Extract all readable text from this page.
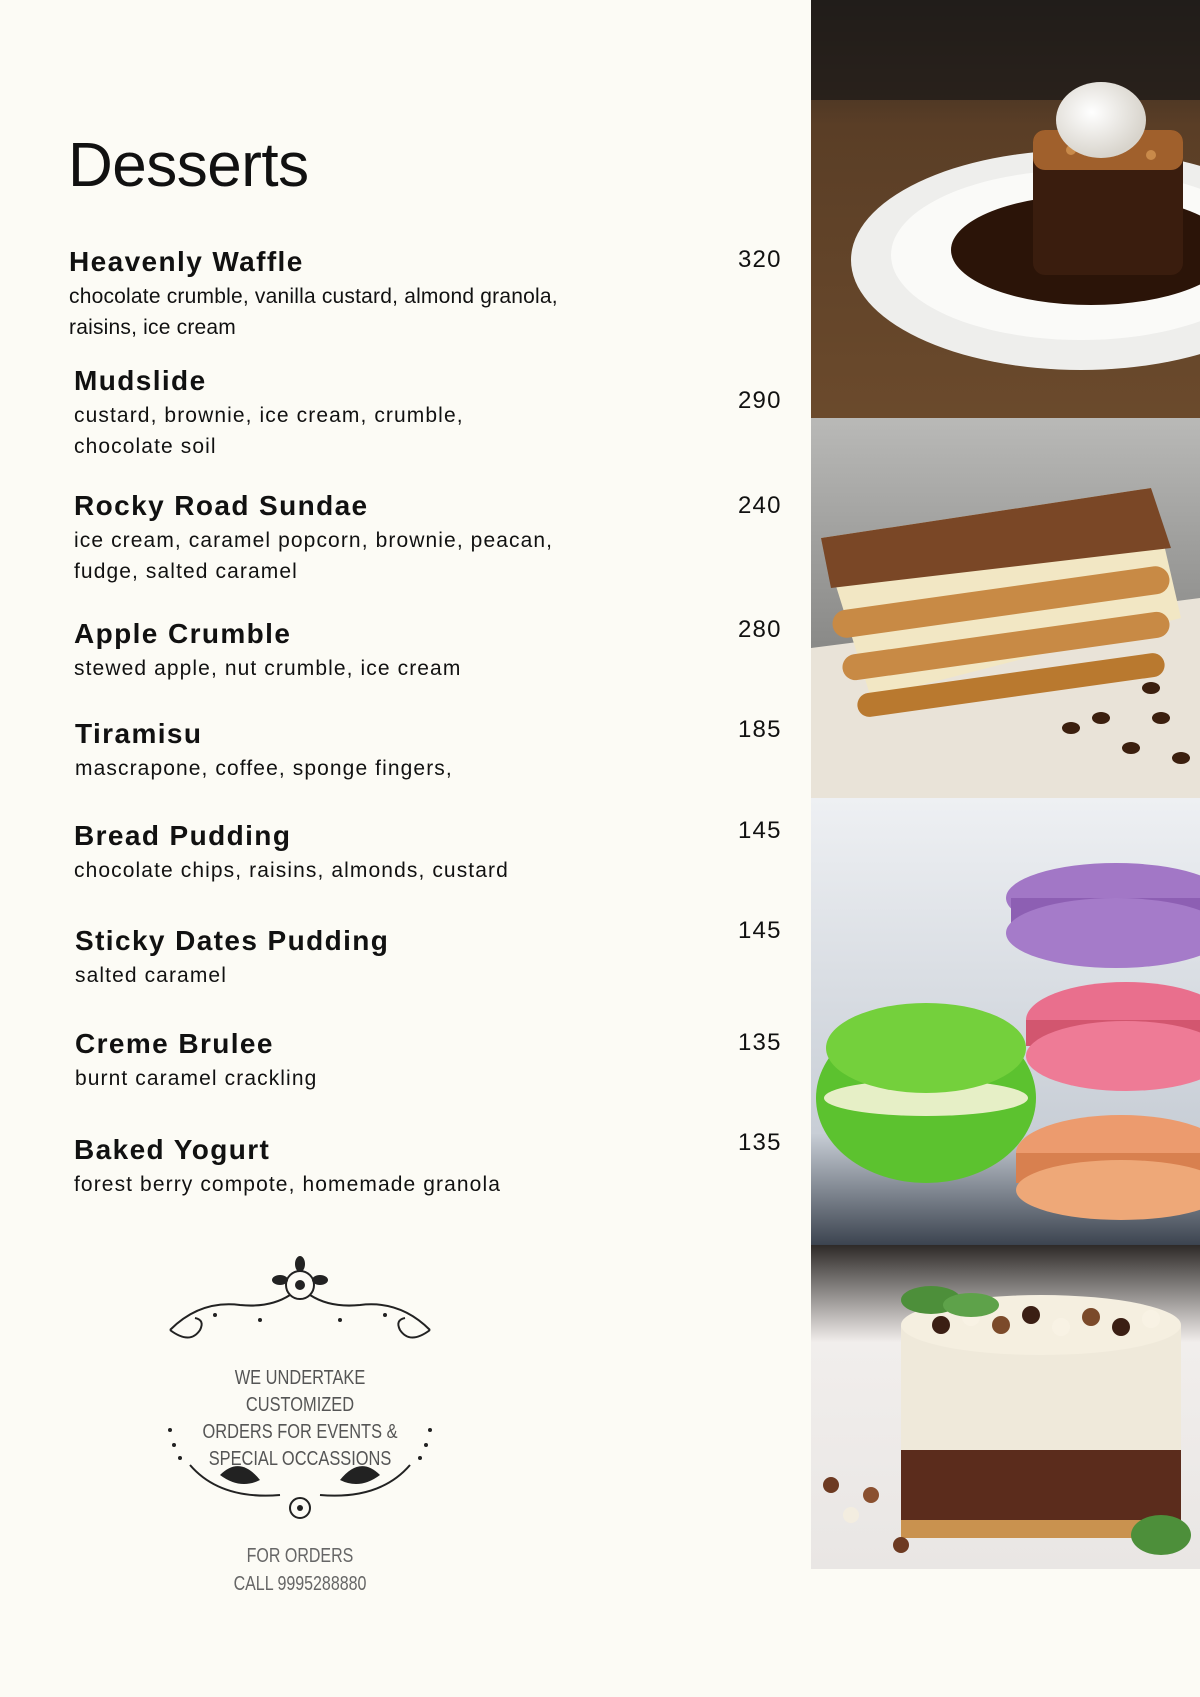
Desserts
Heavenly Waffle
chocolate crumble, vanilla custard, almond granola, raisins, ice cream
320
Mudslide
custard, brownie, ice cream, crumble, chocolate soil
290
Rocky Road Sundae
ice cream, caramel popcorn, brownie, peacan, fudge, salted caramel
240
Apple Crumble
stewed apple, nut crumble, ice cream
280
Tiramisu
mascrapone, coffee, sponge fingers,
185
Bread Pudding
chocolate chips, raisins, almonds, custard
145
Sticky Dates Pudding
salted caramel
145
Creme Brulee
burnt caramel crackling
135
Baked Yogurt
forest berry compote, homemade granola
135
WE UNDERTAKE CUSTOMIZED
ORDERS FOR EVENTS &
SPECIAL OCCASSIONS
FOR ORDERS
CALL 9995288880
